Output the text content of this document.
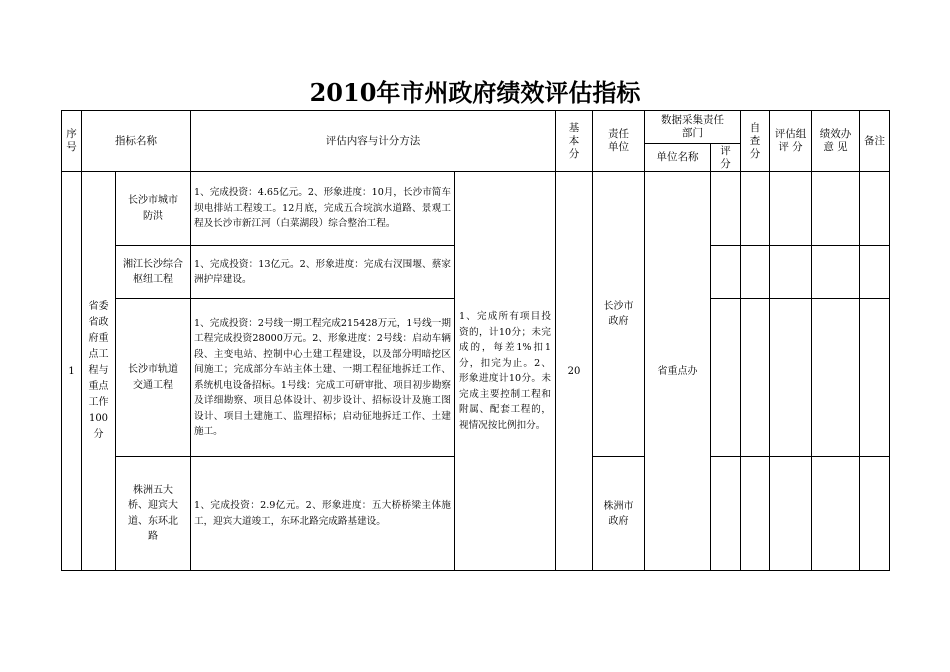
2010年市州政府绩效评估指标
序号	指标名称		评估内容与计分方法		基本分	责任单位	数据采集责任部门		自查分	评估组评 分	绩效办意 见	备注
							单位名称	评分				
1	省委省政府重点工程与重点工作100分	长沙市城市防洪	1、完成投资：4.65亿元。2、形象进度：10月，长沙市简车坝电排站工程竣工。12月底，完成五合垸滨水道路、景观工程及长沙市新江河（白菜湖段）综合整治工程。	1、完成所有项目投资的，计10分；未完成的，每差1%扣1分，扣完为止。2、形象进度计10分。未完成主要控制工程和附属、配套工程的，视情况按比例扣分。	20	长沙市政府	省重点办					
		湘江长沙综合枢纽工程	1、完成投资：13亿元。2、形象进度：完成右汊围堰、蔡家洲护岸建设。									
		长沙市轨道交通工程	1、完成投资：2号线一期工程完成215428万元，1号线一期工程完成投资28000万元。2、形象进度：2号线：启动车辆段、主变电站、控制中心土建工程建设，以及部分明暗挖区间施工；完成部分车站主体土建、一期工程征地拆迁工作、系统机电设备招标。1号线：完成工可研审批、项目初步勘察及详细勘察、项目总体设计、初步设计、招标设计及施工图设计、项目土建施工、监理招标；启动征地拆迁工作、土建施工。									
		株洲五大桥、迎宾大道、东环北路	1、完成投资：2.9亿元。2、形象进度：五大桥桥梁主体施工，迎宾大道竣工，东环北路完成路基建设。			株洲市政府						
